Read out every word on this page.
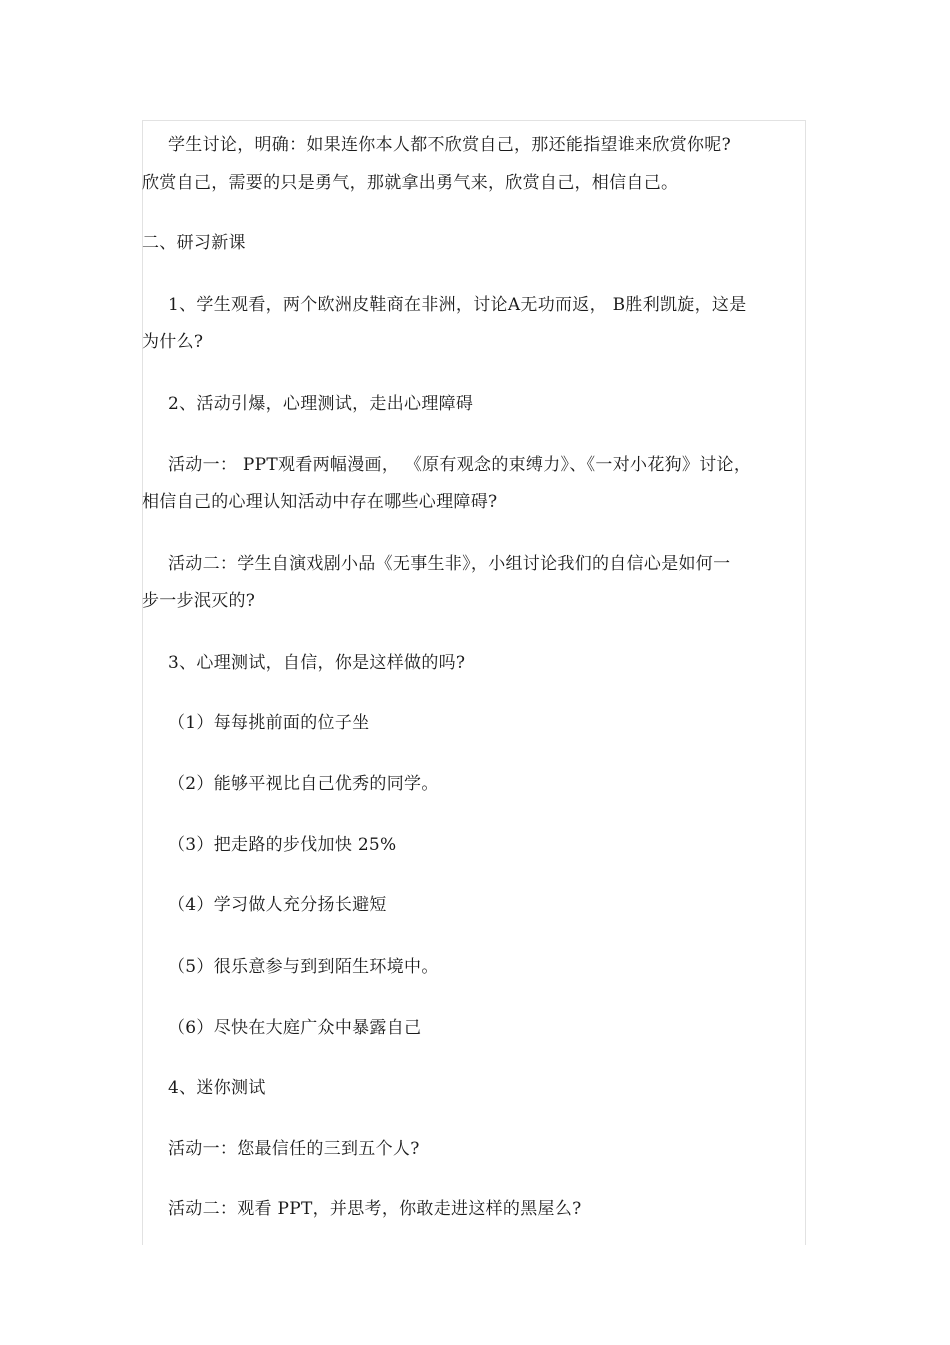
学生讨论，明确：如果连你本人都不欣赏自己，那还能指望谁来欣赏你呢?
欣赏自己，需要的只是勇气，那就拿出勇气来，欣赏自己，相信自己。
二、研习新课
1、学生观看，两个欧洲皮鞋商在非洲，讨论A无功而返， B胜利凯旋，这是
为什么?
2、活动引爆，心理测试，走出心理障碍
活动一： PPT观看两幅漫画， 《原有观念的束缚力》、《一对小花狗》讨论，
相信自己的心理认知活动中存在哪些心理障碍?
活动二：学生自演戏剧小品《无事生非》，小组讨论我们的自信心是如何一
步一步泯灭的?
3、心理测试，自信，你是这样做的吗?
（1）每每挑前面的位子坐
（2）能够平视比自己优秀的同学。
（3）把走路的步伐加快 25%
（4）学习做人充分扬长避短
（5）很乐意参与到到陌生环境中。
（6）尽快在大庭广众中暴露自己
4、迷你测试
活动一：您最信任的三到五个人?
活动二：观看 PPT，并思考，你敢走进这样的黑屋么?
